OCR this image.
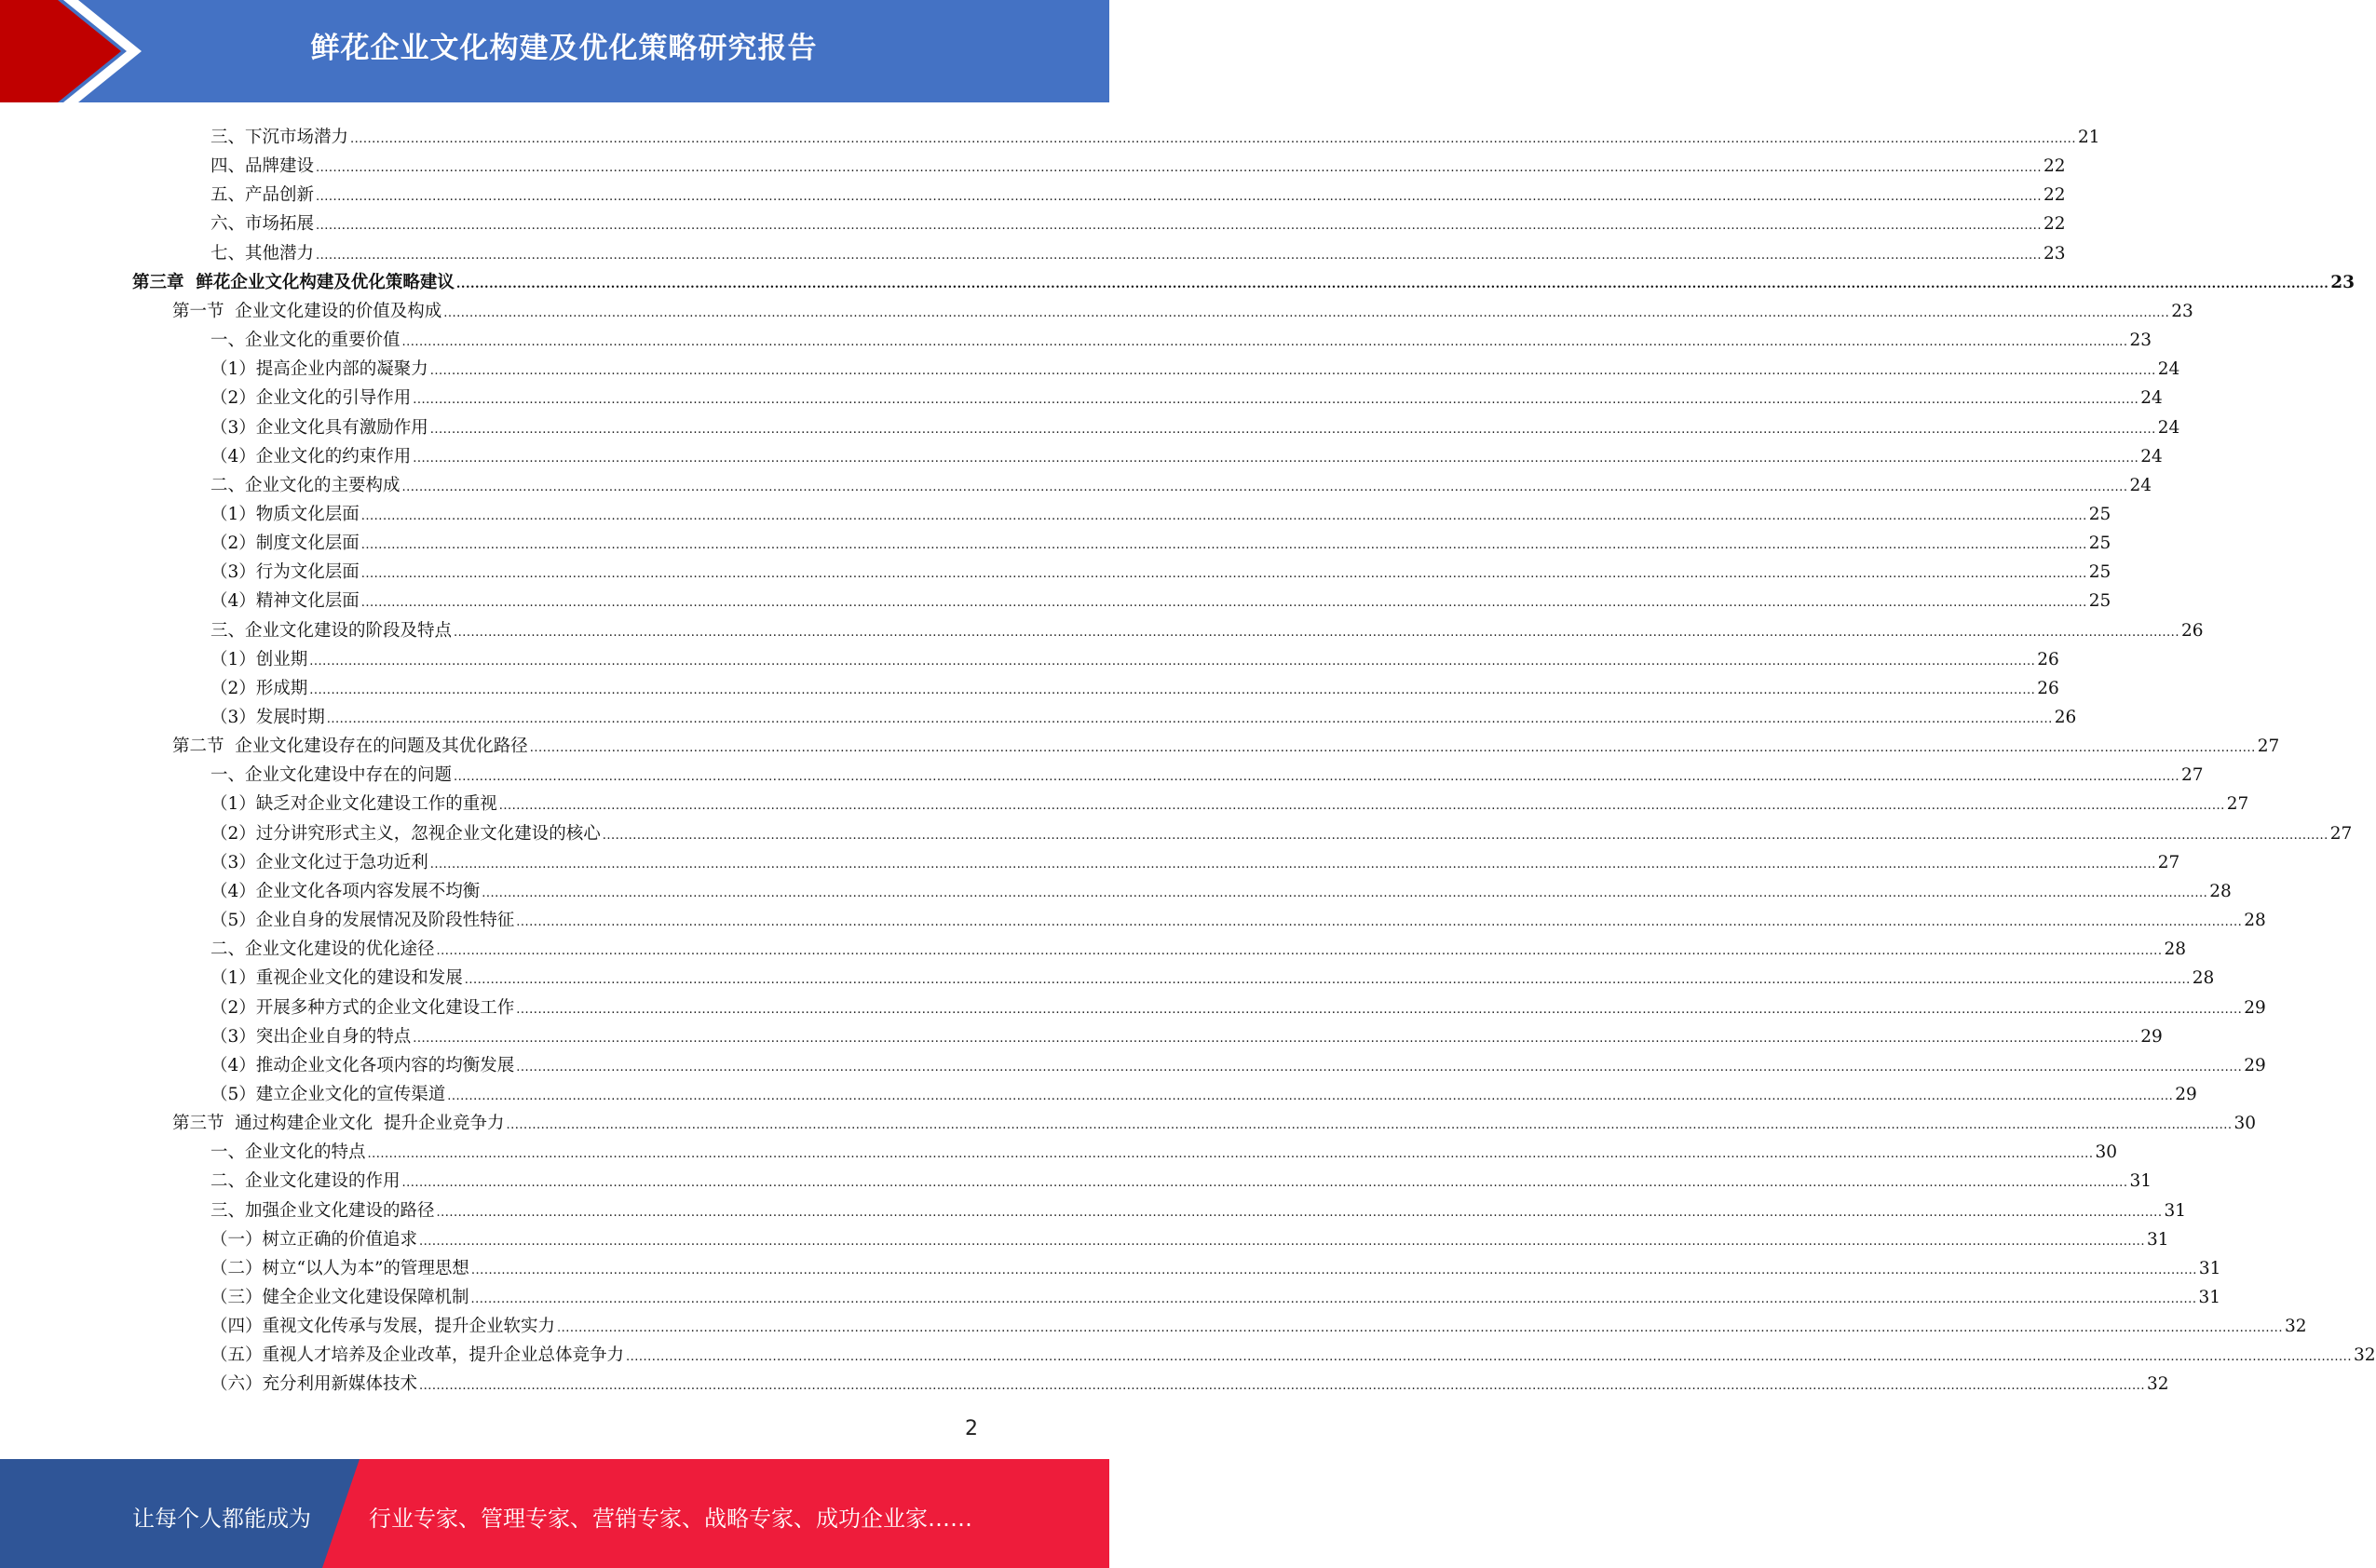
鲜花企业文化构建及优化策略研究报告
三、下沉市场潜力 ................................................................................................................................................................................................................................................................................................................................................................................................................ 21
四、品牌建设 ................................................................................................................................................................................................................................................................................................................................................................................................................ 22
五、产品创新 ................................................................................................................................................................................................................................................................................................................................................................................................................ 22
六、市场拓展 ................................................................................................................................................................................................................................................................................................................................................................................................................ 22
七、其他潜力 ................................................................................................................................................................................................................................................................................................................................................................................................................ 23
第三章  鲜花企业文化构建及优化策略建议 ................................................................................................................................................................................................................................................................................................................................................................................................................ 23
第一节  企业文化建设的价值及构成 ................................................................................................................................................................................................................................................................................................................................................................................................................ 23
一、企业文化的重要价值 ................................................................................................................................................................................................................................................................................................................................................................................................................ 23
（1）提高企业内部的凝聚力 ................................................................................................................................................................................................................................................................................................................................................................................................................ 24
（2）企业文化的引导作用 ................................................................................................................................................................................................................................................................................................................................................................................................................ 24
（3）企业文化具有激励作用 ................................................................................................................................................................................................................................................................................................................................................................................................................ 24
（4）企业文化的约束作用 ................................................................................................................................................................................................................................................................................................................................................................................................................ 24
二、企业文化的主要构成 ................................................................................................................................................................................................................................................................................................................................................................................................................ 24
（1）物质文化层面 ................................................................................................................................................................................................................................................................................................................................................................................................................ 25
（2）制度文化层面 ................................................................................................................................................................................................................................................................................................................................................................................................................ 25
（3）行为文化层面 ................................................................................................................................................................................................................................................................................................................................................................................................................ 25
（4）精神文化层面 ................................................................................................................................................................................................................................................................................................................................................................................................................ 25
三、企业文化建设的阶段及特点 ................................................................................................................................................................................................................................................................................................................................................................................................................ 26
（1）创业期 ................................................................................................................................................................................................................................................................................................................................................................................................................ 26
（2）形成期 ................................................................................................................................................................................................................................................................................................................................................................................................................ 26
（3）发展时期 ................................................................................................................................................................................................................................................................................................................................................................................................................ 26
第二节  企业文化建设存在的问题及其优化路径 ................................................................................................................................................................................................................................................................................................................................................................................................................ 27
一、企业文化建设中存在的问题 ................................................................................................................................................................................................................................................................................................................................................................................................................ 27
（1）缺乏对企业文化建设工作的重视 ................................................................................................................................................................................................................................................................................................................................................................................................................ 27
（2）过分讲究形式主义，忽视企业文化建设的核心 ................................................................................................................................................................................................................................................................................................................................................................................................................ 27
（3）企业文化过于急功近利 ................................................................................................................................................................................................................................................................................................................................................................................................................ 27
（4）企业文化各项内容发展不均衡 ................................................................................................................................................................................................................................................................................................................................................................................................................ 28
（5）企业自身的发展情况及阶段性特征 ................................................................................................................................................................................................................................................................................................................................................................................................................ 28
二、企业文化建设的优化途径 ................................................................................................................................................................................................................................................................................................................................................................................................................ 28
（1）重视企业文化的建设和发展 ................................................................................................................................................................................................................................................................................................................................................................................................................ 28
（2）开展多种方式的企业文化建设工作 ................................................................................................................................................................................................................................................................................................................................................................................................................ 29
（3）突出企业自身的特点 ................................................................................................................................................................................................................................................................................................................................................................................................................ 29
（4）推动企业文化各项内容的均衡发展 ................................................................................................................................................................................................................................................................................................................................................................................................................ 29
（5）建立企业文化的宣传渠道 ................................................................................................................................................................................................................................................................................................................................................................................................................ 29
第三节  通过构建企业文化  提升企业竞争力 ................................................................................................................................................................................................................................................................................................................................................................................................................ 30
一、企业文化的特点 ................................................................................................................................................................................................................................................................................................................................................................................................................ 30
二、企业文化建设的作用 ................................................................................................................................................................................................................................................................................................................................................................................................................ 31
三、加强企业文化建设的路径 ................................................................................................................................................................................................................................................................................................................................................................................................................ 31
（一）树立正确的价值追求 ................................................................................................................................................................................................................................................................................................................................................................................................................ 31
（二）树立“以人为本”的管理思想 ................................................................................................................................................................................................................................................................................................................................................................................................................ 31
（三）健全企业文化建设保障机制 ................................................................................................................................................................................................................................................................................................................................................................................................................ 31
（四）重视文化传承与发展，提升企业软实力 ................................................................................................................................................................................................................................................................................................................................................................................................................ 32
（五）重视人才培养及企业改革，提升企业总体竞争力 ................................................................................................................................................................................................................................................................................................................................................................................................................ 32
（六）充分利用新媒体技术 ................................................................................................................................................................................................................................................................................................................................................................................................................ 32
2
让每个人都能成为	行业专家、管理专家、营销专家、战略专家、成功企业家……
